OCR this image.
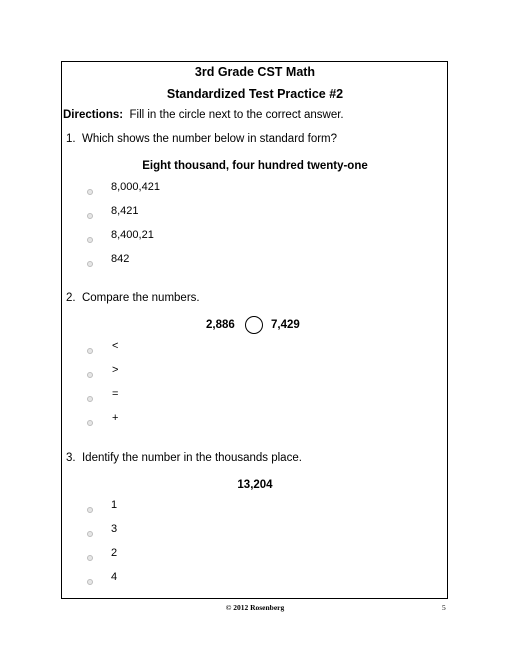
3rd Grade CST Math
Standardized Test Practice #2
Directions: Fill in the circle next to the correct answer.
1. Which shows the number below in standard form?
Eight thousand, four hundred twenty-one
8,000,421
8,421
8,400,21
842
2. Compare the numbers.
2,886	7,429
<
>
=
+
3. Identify the number in the thousands place.
13,204
1
3
2
4
© 2012 Rosenberg	5
